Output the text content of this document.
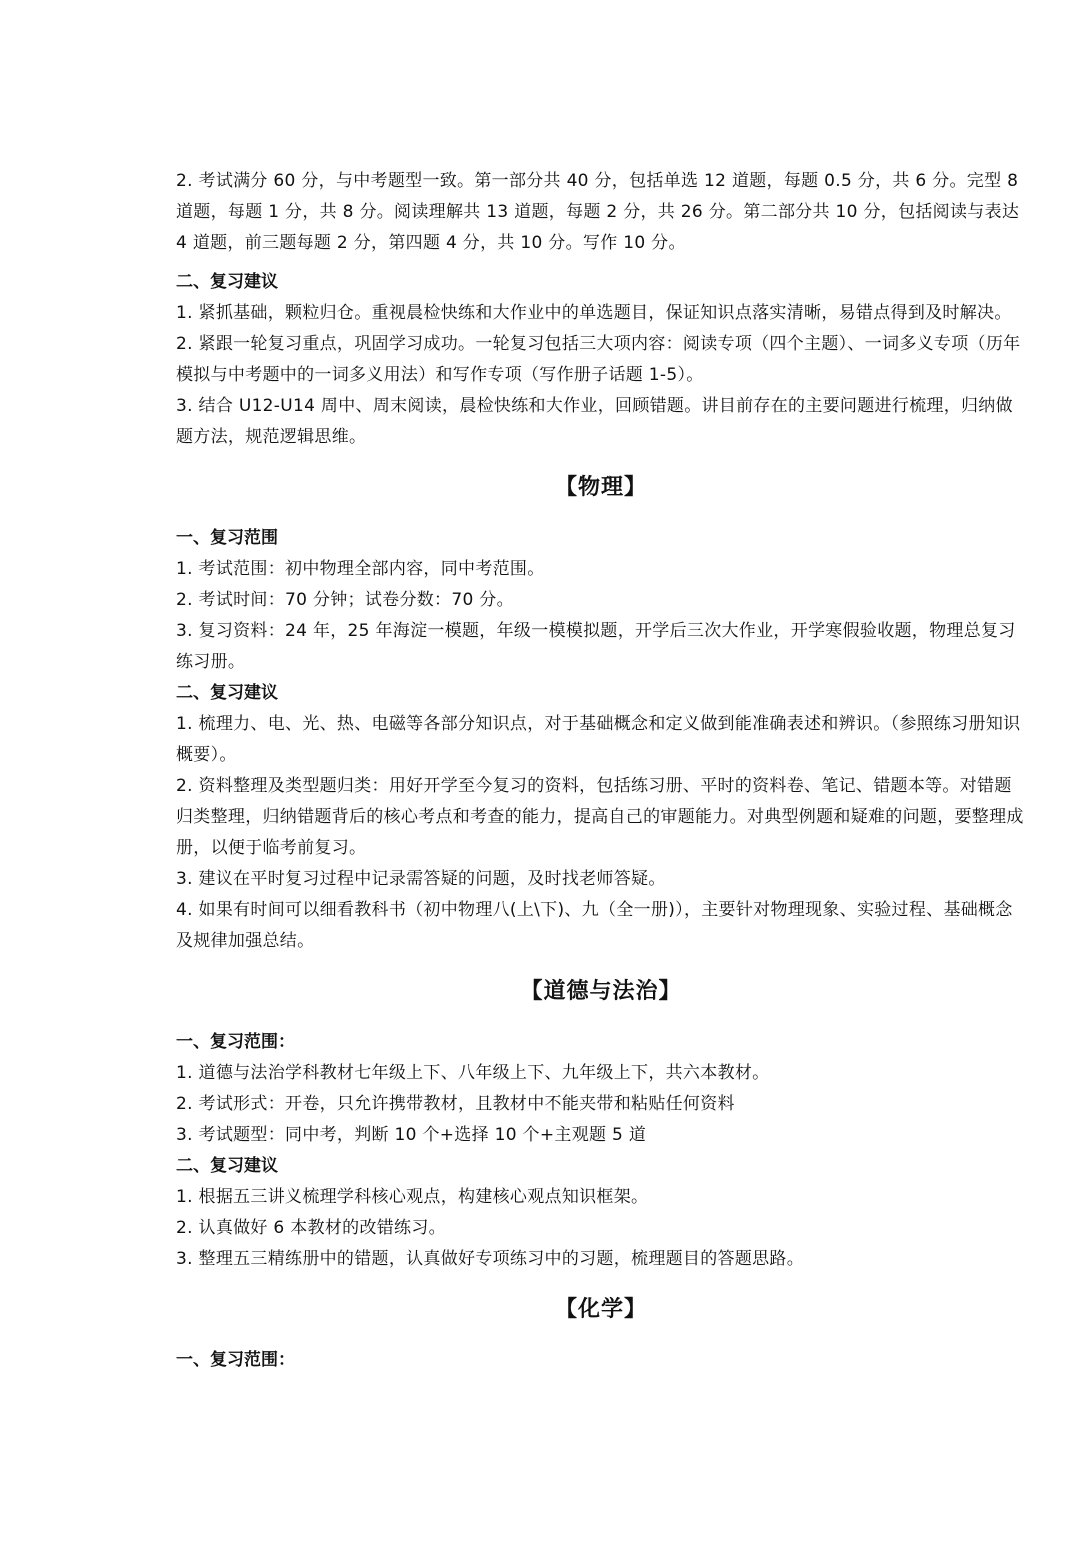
2. 考试满分 60 分，与中考题型一致。第一部分共 40 分，包括单选 12 道题，每题 0.5 分，共 6 分。完型 8 道题，每题 1 分，共 8 分。阅读理解共 13 道题，每题 2 分，共 26 分。第二部分共 10 分，包括阅读与表达 4 道题，前三题每题 2 分，第四题 4 分，共 10 分。写作 10 分。

二、复习建议

1. 紧抓基础，颗粒归仓。重视晨检快练和大作业中的单选题目，保证知识点落实清晰，易错点得到及时解决。

2. 紧跟一轮复习重点，巩固学习成功。一轮复习包括三大项内容：阅读专项（四个主题）、一词多义专项（历年模拟与中考题中的一词多义用法）和写作专项（写作册子话题 1-5）。

3. 结合 U12-U14 周中、周末阅读，晨检快练和大作业，回顾错题。讲目前存在的主要问题进行梳理，归纳做题方法，规范逻辑思维。

【物理】

一、复习范围

1. 考试范围：初中物理全部内容，同中考范围。

2. 考试时间：70 分钟；试卷分数：70 分。

3. 复习资料：24 年，25 年海淀一模题，年级一模模拟题，开学后三次大作业，开学寒假验收题，物理总复习练习册。

二、复习建议

1. 梳理力、电、光、热、电磁等各部分知识点，对于基础概念和定义做到能准确表述和辨识。（参照练习册知识概要）。

2. 资料整理及类型题归类：用好开学至今复习的资料，包括练习册、平时的资料卷、笔记、错题本等。对错题归类整理，归纳错题背后的核心考点和考查的能力，提高自己的审题能力。对典型例题和疑难的问题，要整理成册，以便于临考前复习。

3. 建议在平时复习过程中记录需答疑的问题，及时找老师答疑。

4. 如果有时间可以细看教科书（初中物理八(上\下)、九（全一册)），主要针对物理现象、实验过程、基础概念及规律加强总结。

【道德与法治】

一、复习范围：

1. 道德与法治学科教材七年级上下、八年级上下、九年级上下，共六本教材。

2. 考试形式：开卷，只允许携带教材，且教材中不能夹带和粘贴任何资料

3. 考试题型：同中考，判断 10 个+选择 10 个+主观题 5 道

二、复习建议

1. 根据五三讲义梳理学科核心观点，构建核心观点知识框架。

2. 认真做好 6 本教材的改错练习。

3. 整理五三精练册中的错题，认真做好专项练习中的习题，梳理题目的答题思路。

【化学】

一、复习范围：
